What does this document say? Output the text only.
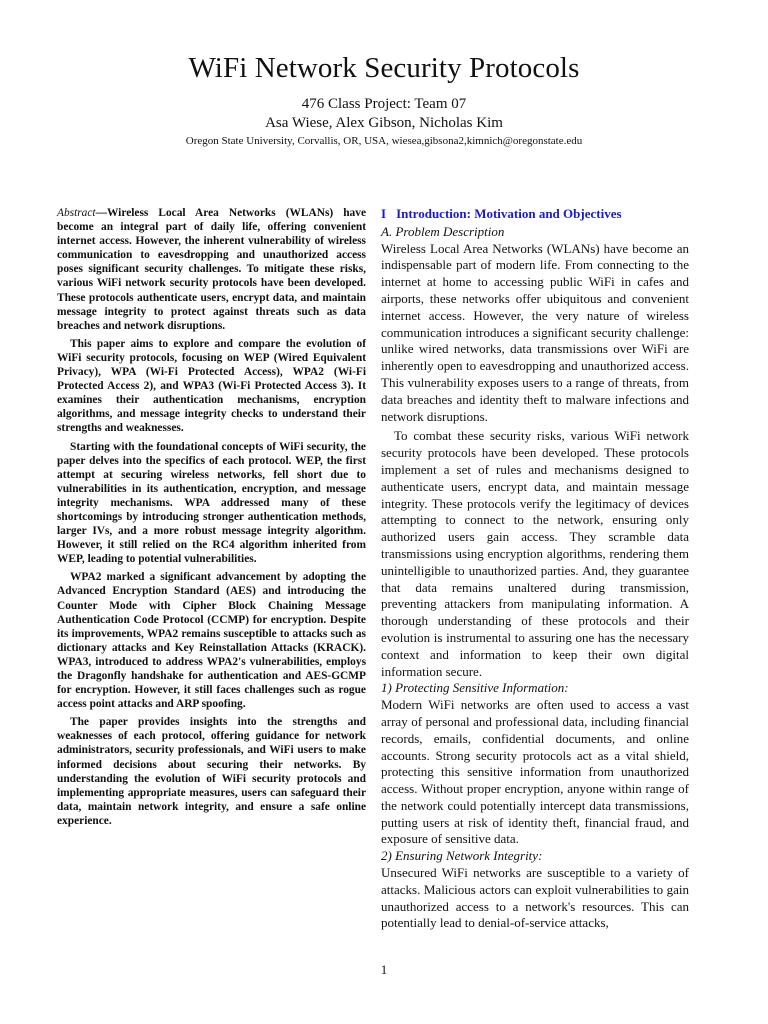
WiFi Network Security Protocols
476 Class Project: Team 07
Asa Wiese, Alex Gibson, Nicholas Kim
Oregon State University, Corvallis, OR, USA, wiesea,gibsona2,kimnich@oregonstate.edu

Abstract—Wireless Local Area Networks (WLANs) have become an integral part of daily life, offering convenient internet access. However, the inherent vulnerability of wireless communication to eavesdropping and unauthorized access poses significant security challenges. To mitigate these risks, various WiFi network security protocols have been developed. These protocols authenticate users, encrypt data, and maintain message integrity to protect against threats such as data breaches and network disruptions.

This paper aims to explore and compare the evolution of WiFi security protocols, focusing on WEP (Wired Equivalent Privacy), WPA (Wi-Fi Protected Access), WPA2 (Wi-Fi Protected Access 2), and WPA3 (Wi-Fi Protected Access 3). It examines their authentication mechanisms, encryption algorithms, and message integrity checks to understand their strengths and weaknesses.

Starting with the foundational concepts of WiFi security, the paper delves into the specifics of each protocol. WEP, the first attempt at securing wireless networks, fell short due to vulnerabilities in its authentication, encryption, and message integrity mechanisms. WPA addressed many of these shortcomings by introducing stronger authentication methods, larger IVs, and a more robust message integrity algorithm. However, it still relied on the RC4 algorithm inherited from WEP, leading to potential vulnerabilities.

WPA2 marked a significant advancement by adopting the Advanced Encryption Standard (AES) and introducing the Counter Mode with Cipher Block Chaining Message Authentication Code Protocol (CCMP) for encryption. Despite its improvements, WPA2 remains susceptible to attacks such as dictionary attacks and Key Reinstallation Attacks (KRACK). WPA3, introduced to address WPA2's vulnerabilities, employs the Dragonfly handshake for authentication and AES-GCMP for encryption. However, it still faces challenges such as rogue access point attacks and ARP spoofing.

The paper provides insights into the strengths and weaknesses of each protocol, offering guidance for network administrators, security professionals, and WiFi users to make informed decisions about securing their networks. By understanding the evolution of WiFi security protocols and implementing appropriate measures, users can safeguard their data, maintain network integrity, and ensure a safe online experience.

I Introduction: Motivation and Objectives
A. Problem Description

Wireless Local Area Networks (WLANs) have become an indispensable part of modern life. From connecting to the internet at home to accessing public WiFi in cafes and airports, these networks offer ubiquitous and convenient internet access. However, the very nature of wireless communication introduces a significant security challenge: unlike wired networks, data transmissions over WiFi are inherently open to eavesdropping and unauthorized access. This vulnerability exposes users to a range of threats, from data breaches and identity theft to malware infections and network disruptions.

To combat these security risks, various WiFi network security protocols have been developed. These protocols implement a set of rules and mechanisms designed to authenticate users, encrypt data, and maintain message integrity. These protocols verify the legitimacy of devices attempting to connect to the network, ensuring only authorized users gain access. They scramble data transmissions using encryption algorithms, rendering them unintelligible to unauthorized parties. And, they guarantee that data remains unaltered during transmission, preventing attackers from manipulating information. A thorough understanding of these protocols and their evolution is instrumental to assuring one has the necessary context and information to keep their own digital information secure.

1) Protecting Sensitive Information:

Modern WiFi networks are often used to access a vast array of personal and professional data, including financial records, emails, confidential documents, and online accounts. Strong security protocols act as a vital shield, protecting this sensitive information from unauthorized access. Without proper encryption, anyone within range of the network could potentially intercept data transmissions, putting users at risk of identity theft, financial fraud, and exposure of sensitive data.

2) Ensuring Network Integrity:

Unsecured WiFi networks are susceptible to a variety of attacks. Malicious actors can exploit vulnerabilities to gain unauthorized access to a network's resources. This can potentially lead to denial-of-service attacks,

1
